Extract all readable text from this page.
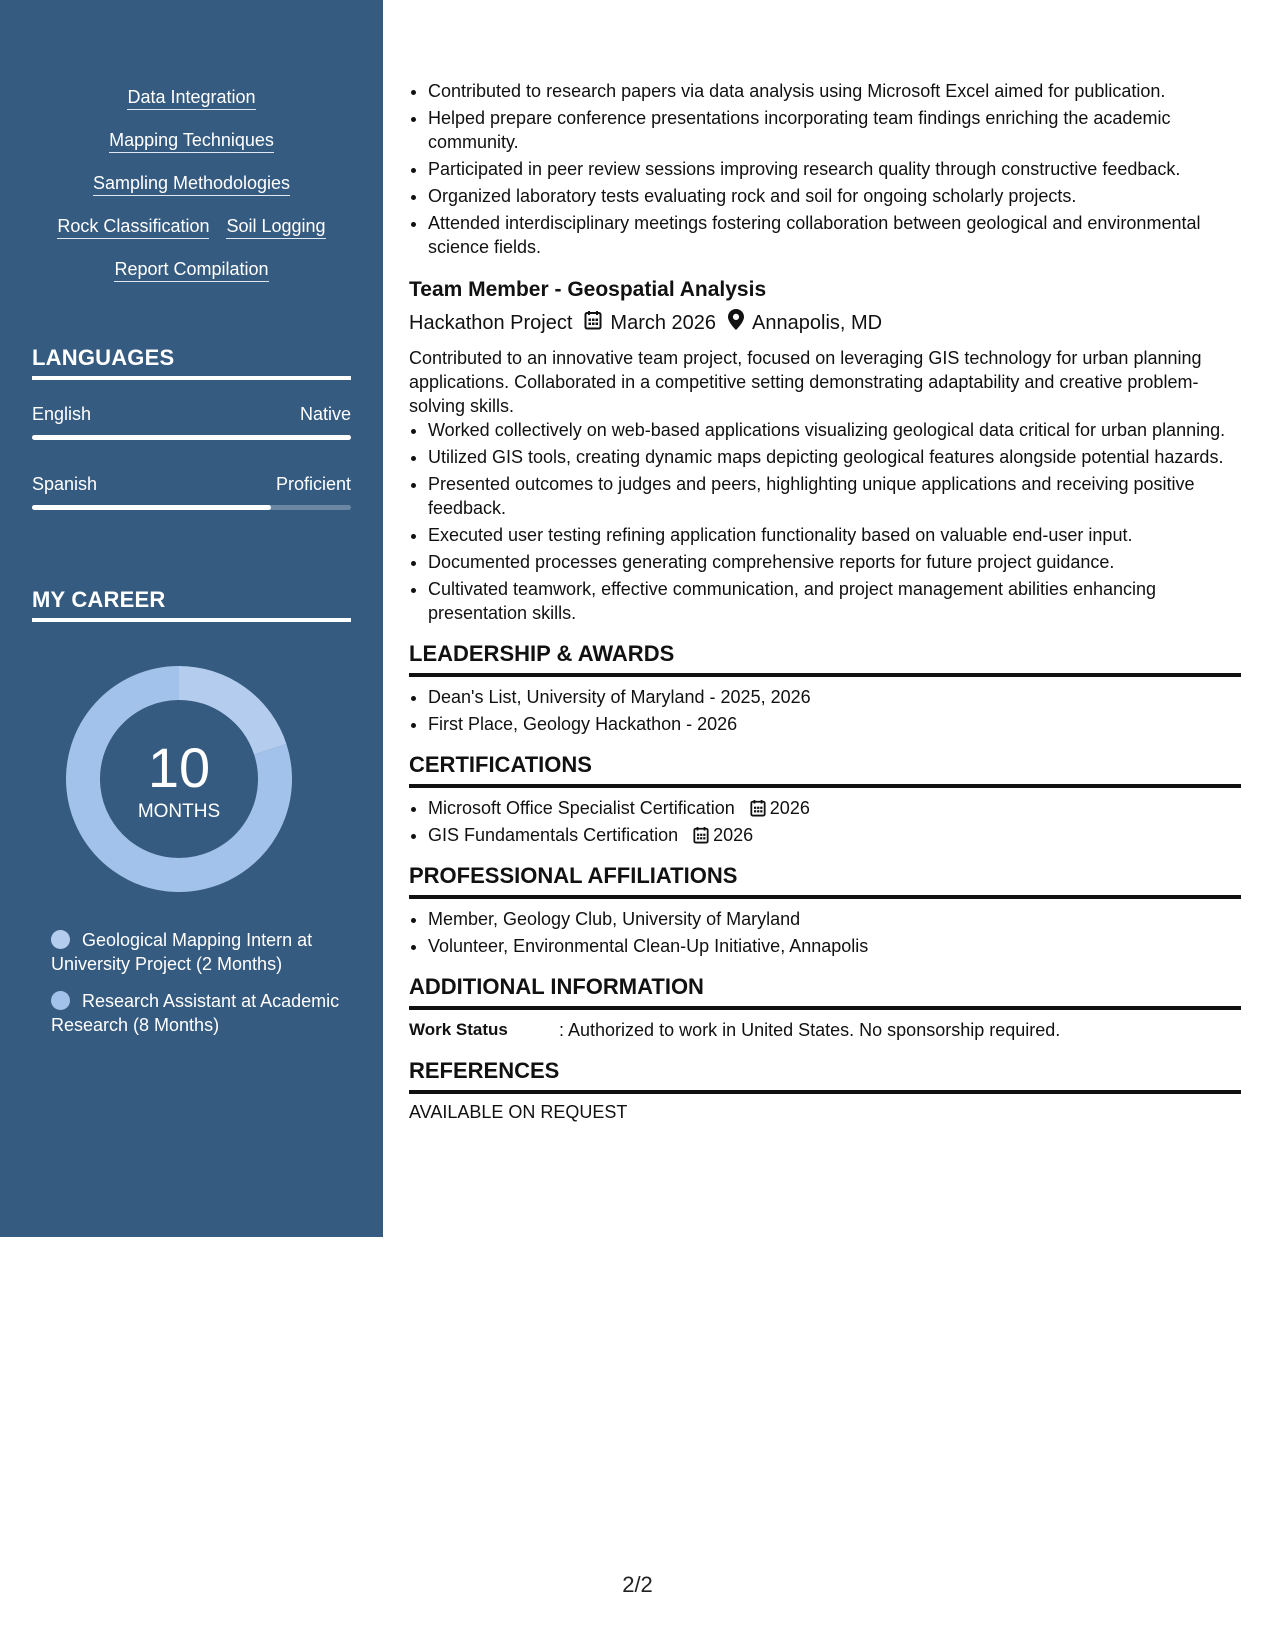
Data Integration
Mapping Techniques
Sampling Methodologies
Rock Classification Soil Logging
Report Compilation
LANGUAGES
English	Native
Spanish	Proficient
MY CAREER
10
MONTHS
Geological Mapping Intern at University Project (2 Months)
Research Assistant at Academic Research (8 Months)
• Contributed to research papers via data analysis using Microsoft Excel aimed for publication.
• Helped prepare conference presentations incorporating team findings enriching the academic community.
• Participated in peer review sessions improving research quality through constructive feedback.
• Organized laboratory tests evaluating rock and soil for ongoing scholarly projects.
• Attended interdisciplinary meetings fostering collaboration between geological and environmental science fields.
Team Member - Geospatial Analysis
Hackathon Project March 2026 Annapolis, MD
Contributed to an innovative team project, focused on leveraging GIS technology for urban planning applications. Collaborated in a competitive setting demonstrating adaptability and creative problem-solving skills.
• Worked collectively on web-based applications visualizing geological data critical for urban planning.
• Utilized GIS tools, creating dynamic maps depicting geological features alongside potential hazards.
• Presented outcomes to judges and peers, highlighting unique applications and receiving positive feedback.
• Executed user testing refining application functionality based on valuable end-user input.
• Documented processes generating comprehensive reports for future project guidance.
• Cultivated teamwork, effective communication, and project management abilities enhancing presentation skills.
LEADERSHIP & AWARDS
• Dean's List, University of Maryland - 2025, 2026
• First Place, Geology Hackathon - 2026
CERTIFICATIONS
• Microsoft Office Specialist Certification 2026
• GIS Fundamentals Certification 2026
PROFESSIONAL AFFILIATIONS
• Member, Geology Club, University of Maryland
• Volunteer, Environmental Clean-Up Initiative, Annapolis
ADDITIONAL INFORMATION
Work Status	: Authorized to work in United States. No sponsorship required.
REFERENCES
AVAILABLE ON REQUEST
2/2
